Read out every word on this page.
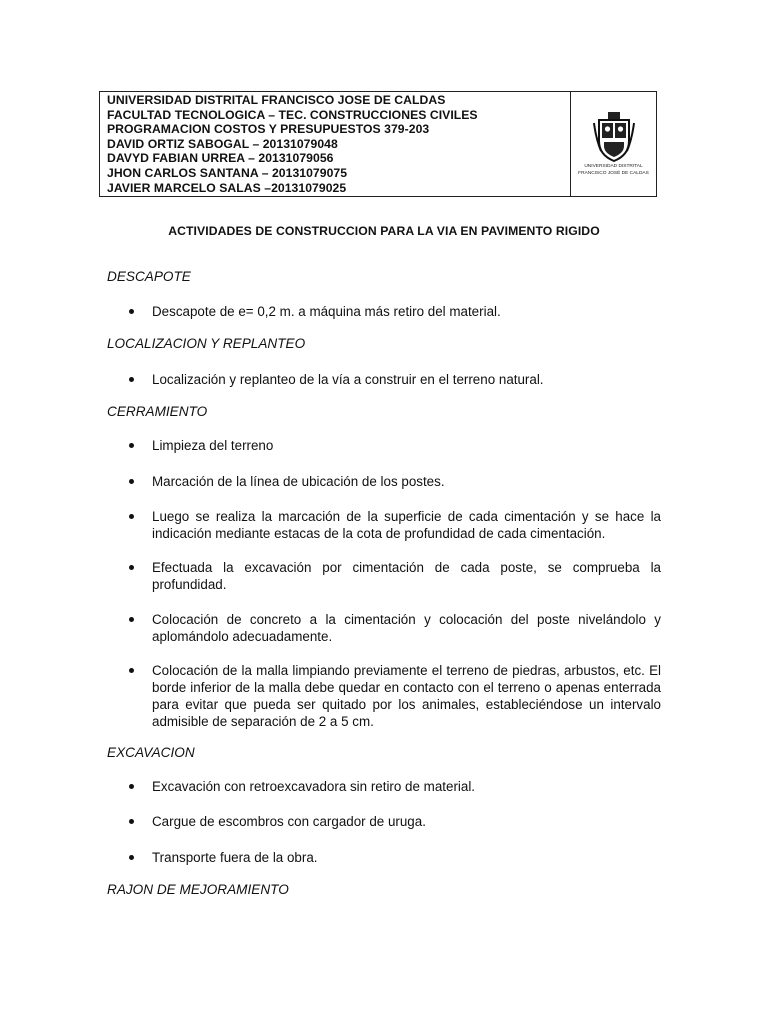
UNIVERSIDAD DISTRITAL FRANCISCO JOSE DE CALDAS
FACULTAD TECNOLOGICA – TEC. CONSTRUCCIONES CIVILES
PROGRAMACION COSTOS Y PRESUPUESTOS 379-203
DAVID ORTIZ SABOGAL – 20131079048
DAVYD FABIAN URREA – 20131079056
JHON CARLOS SANTANA – 20131079075
JAVIER MARCELO SALAS –20131079025
UNIVERSIDAD DISTRITAL
FRANCISCO JOSÉ DE CALDAS
ACTIVIDADES DE CONSTRUCCION PARA LA VIA EN PAVIMENTO RIGIDO
DESCAPOTE
Descapote de e= 0,2 m. a máquina más retiro del material.
LOCALIZACION Y REPLANTEO
Localización y replanteo de la vía a construir en el terreno natural.
CERRAMIENTO
Limpieza del terreno
Marcación de la línea de ubicación de los postes.
Luego se realiza la marcación de la superficie de cada cimentación y se hace la indicación mediante estacas de la cota de profundidad de cada cimentación.
Efectuada la excavación por cimentación de cada poste, se comprueba la profundidad.
Colocación de concreto a la cimentación y colocación del poste nivelándolo y aplomándolo adecuadamente.
Colocación de la malla limpiando previamente el terreno de piedras, arbustos, etc. El borde inferior de la malla debe quedar en contacto con el terreno o apenas enterrada para evitar que pueda ser quitado por los animales, estableciéndose un intervalo admisible de separación de 2 a 5 cm.
EXCAVACION
Excavación con retroexcavadora sin retiro de material.
Cargue de escombros con cargador de uruga.
Transporte fuera de la obra.
RAJON DE MEJORAMIENTO
